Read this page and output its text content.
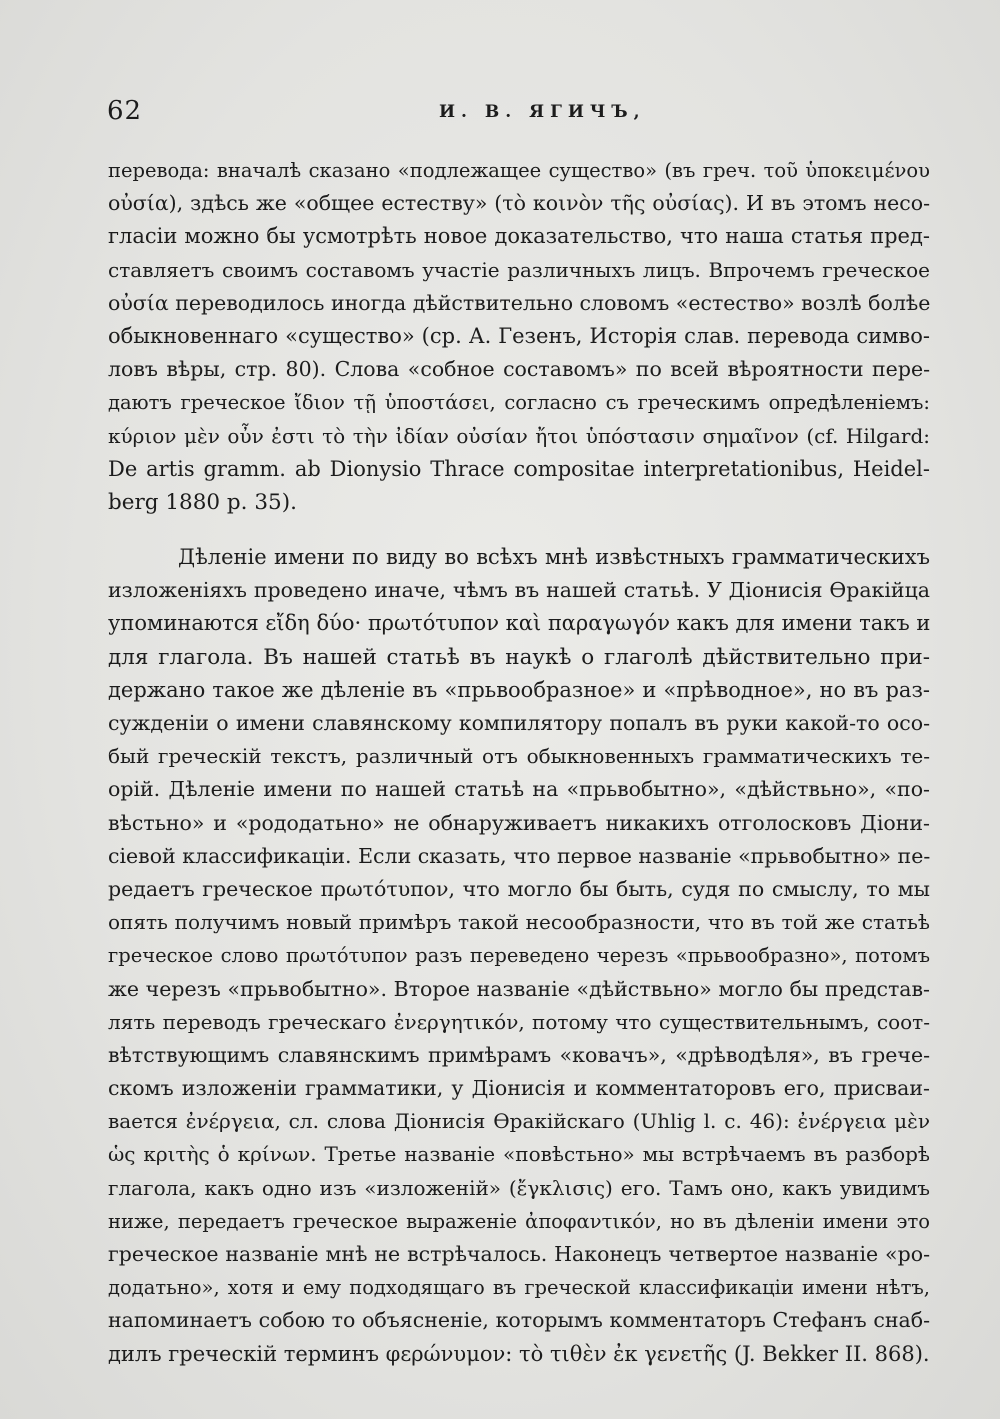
62	И. В. ЯГИЧЪ,
перевода: вначалѣ сказано «подлежащее существо» (въ греч. τοῦ ὑποκειμένου
οὐσία), здѣсь же «общее естеству» (τὸ κοινὸν τῆς οὐσίας). И въ этомъ несо-
гласіи можно бы усмотрѣть новое доказательство, что наша статья пред-
ставляетъ своимъ составомъ участіе различныхъ лицъ. Впрочемъ греческое
οὐσία переводилось иногда дѣйствительно словомъ «естество» возлѣ болѣе
обыкновеннаго «существо» (ср. А. Гезенъ, Исторія слав. перевода симво-
ловъ вѣры, стр. 80). Слова «собное составомъ» по всей вѣроятности пере-
даютъ греческое ἴδιον τῇ ὑποστάσει, согласно съ греческимъ опредѣленіемъ:
κύριον μὲν οὖν ἐστι τὸ τὴν ἰδίαν οὐσίαν ἤτοι ὑπόστασιν σημαῖνον (cf. Hilgard:
De artis gramm. ab Dionysio Thrace compositae interpretationibus, Heidel-
berg 1880 p. 35).
Дѣленіе имени по виду во всѣхъ мнѣ извѣстныхъ грамматическихъ
изложеніяхъ проведено иначе, чѣмъ въ нашей статьѣ. У Діонисія Ѳракійца
упоминаются εἴδη δύο· πρωτότυπον καὶ παραγωγόν какъ для имени такъ и
для глагола. Въ нашей статьѣ въ наукѣ о глаголѣ дѣйствительно при-
держано такое же дѣленіе въ «прьвообразное» и «прѣводное», но въ раз-
сужденіи о имени славянскому компилятору попалъ въ руки какой-то осо-
бый греческій текстъ, различный отъ обыкновенныхъ грамматическихъ те-
орій. Дѣленіе имени по нашей статьѣ на «прьвобытно», «дѣйствьно», «по-
вѣстьно» и «рододатьно» не обнаруживаетъ никакихъ отголосковъ Діони-
сіевой классификаціи. Если сказать, что первое названіе «прьвобытно» пе-
редаетъ греческое πρωτότυπον, что могло бы быть, судя по смыслу, то мы
опять получимъ новый примѣръ такой несообразности, что въ той же статьѣ
греческое слово πρωτότυπον разъ переведено черезъ «прьвообразно», потомъ
же черезъ «прьвобытно». Второе названіе «дѣйствьно» могло бы представ-
лять переводъ греческаго ἐνεργητικόν, потому что существительнымъ, соот-
вѣтствующимъ славянскимъ примѣрамъ «ковачъ», «дрѣводѣля», въ грече-
скомъ изложеніи грамматики, у Діонисія и комментаторовъ его, присваи-
вается ἐνέργεια, сл. слова Діонисія Ѳракійскаго (Uhlig l. c. 46): ἐνέργεια μὲν
ὡς κριτὴς ὁ κρίνων. Третье названіе «повѣстьно» мы встрѣчаемъ въ разборѣ
глагола, какъ одно изъ «изложеній» (ἔγκλισις) его. Тамъ оно, какъ увидимъ
ниже, передаетъ греческое выраженіе ἀποφαντικόν, но въ дѣленіи имени это
греческое названіе мнѣ не встрѣчалось. Наконецъ четвертое названіе «ро-
додатьно», хотя и ему подходящаго въ греческой классификаціи имени нѣтъ,
напоминаетъ собою то объясненіе, которымъ комментаторъ Стефанъ снаб-
дилъ греческій терминъ φερώνυμον: τὸ τιθὲν ἐκ γενετῆς (J. Bekker II. 868).
